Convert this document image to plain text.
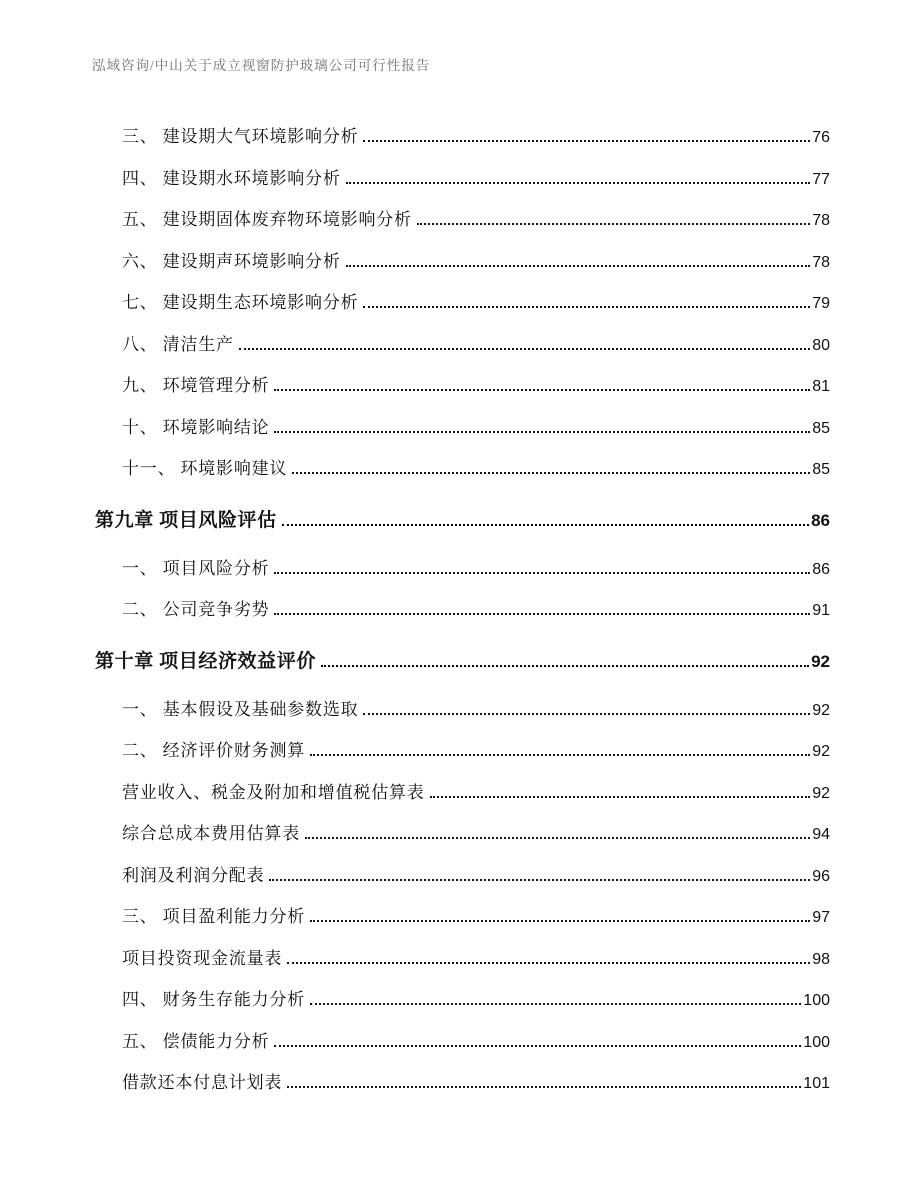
泓域咨询/中山关于成立视窗防护玻璃公司可行性报告
三、 建设期大气环境影响分析	76
四、 建设期水环境影响分析	77
五、 建设期固体废弃物环境影响分析	78
六、 建设期声环境影响分析	78
七、 建设期生态环境影响分析	79
八、 清洁生产	80
九、 环境管理分析	81
十、 环境影响结论	85
十一、 环境影响建议	85
第九章 项目风险评估	86
一、 项目风险分析	86
二、 公司竞争劣势	91
第十章 项目经济效益评价	92
一、 基本假设及基础参数选取	92
二、 经济评价财务测算	92
营业收入、税金及附加和增值税估算表	92
综合总成本费用估算表	94
利润及利润分配表	96
三、 项目盈利能力分析	97
项目投资现金流量表	98
四、 财务生存能力分析	100
五、 偿债能力分析	100
借款还本付息计划表	101
